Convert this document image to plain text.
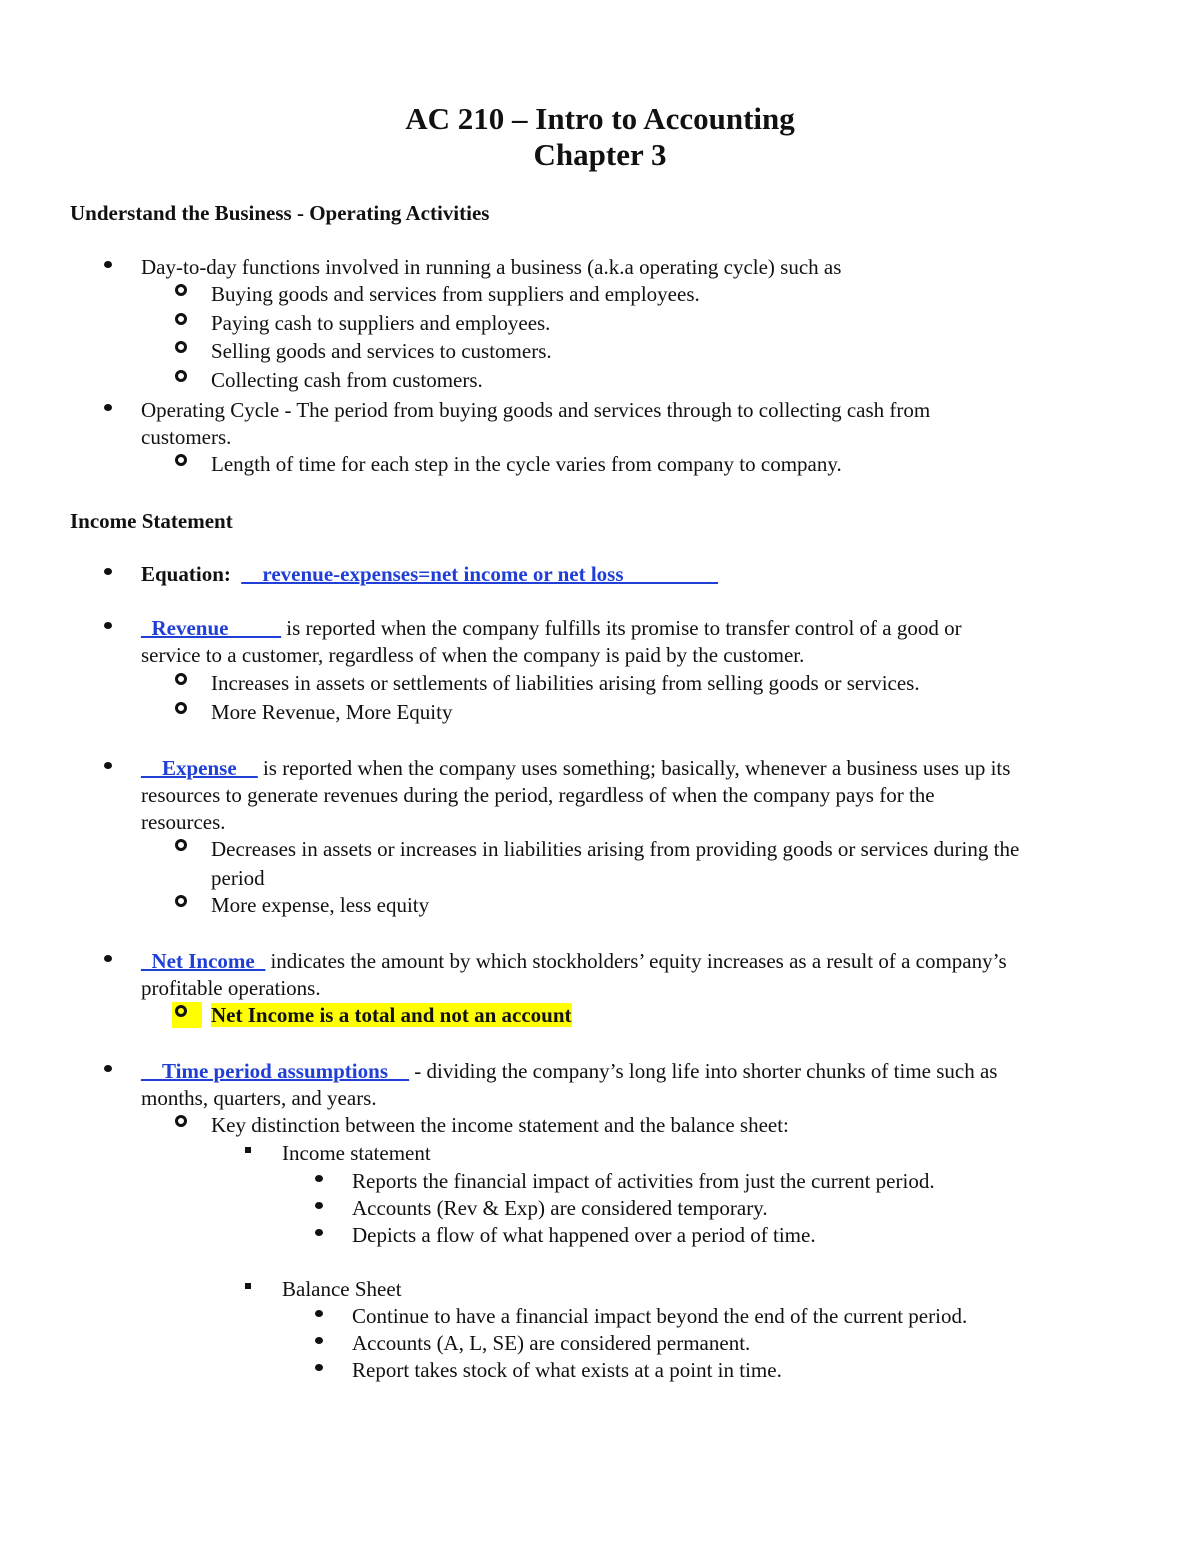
AC 210 – Intro to Accounting
Chapter 3
Understand the Business - Operating Activities
Day-to-day functions involved in running a business (a.k.a operating cycle) such as
Buying goods and services from suppliers and employees.
Paying cash to suppliers and employees.
Selling goods and services to customers.
Collecting cash from customers.
Operating Cycle - The period from buying goods and services through to collecting cash from
customers.
Length of time for each step in the cycle varies from company to company.
Income Statement
Equation: __revenue-expenses=net income or net loss_________
_Revenue_____ is reported when the company fulfills its promise to transfer control of a good or
service to a customer, regardless of when the company is paid by the customer.
Increases in assets or settlements of liabilities arising from selling goods or services.
More Revenue, More Equity
__Expense__ is reported when the company uses something; basically, whenever a business uses up its
resources to generate revenues during the period, regardless of when the company pays for the
resources.
Decreases in assets or increases in liabilities arising from providing goods or services during the
period
More expense, less equity
_Net Income_ indicates the amount by which stockholders’ equity increases as a result of a company’s
profitable operations.
Net Income is a total and not an account
__Time period assumptions__ - dividing the company’s long life into shorter chunks of time such as
months, quarters, and years.
Key distinction between the income statement and the balance sheet:
Income statement
Reports the financial impact of activities from just the current period.
Accounts (Rev & Exp) are considered temporary.
Depicts a flow of what happened over a period of time.
Balance Sheet
Continue to have a financial impact beyond the end of the current period.
Accounts (A, L, SE) are considered permanent.
Report takes stock of what exists at a point in time.
